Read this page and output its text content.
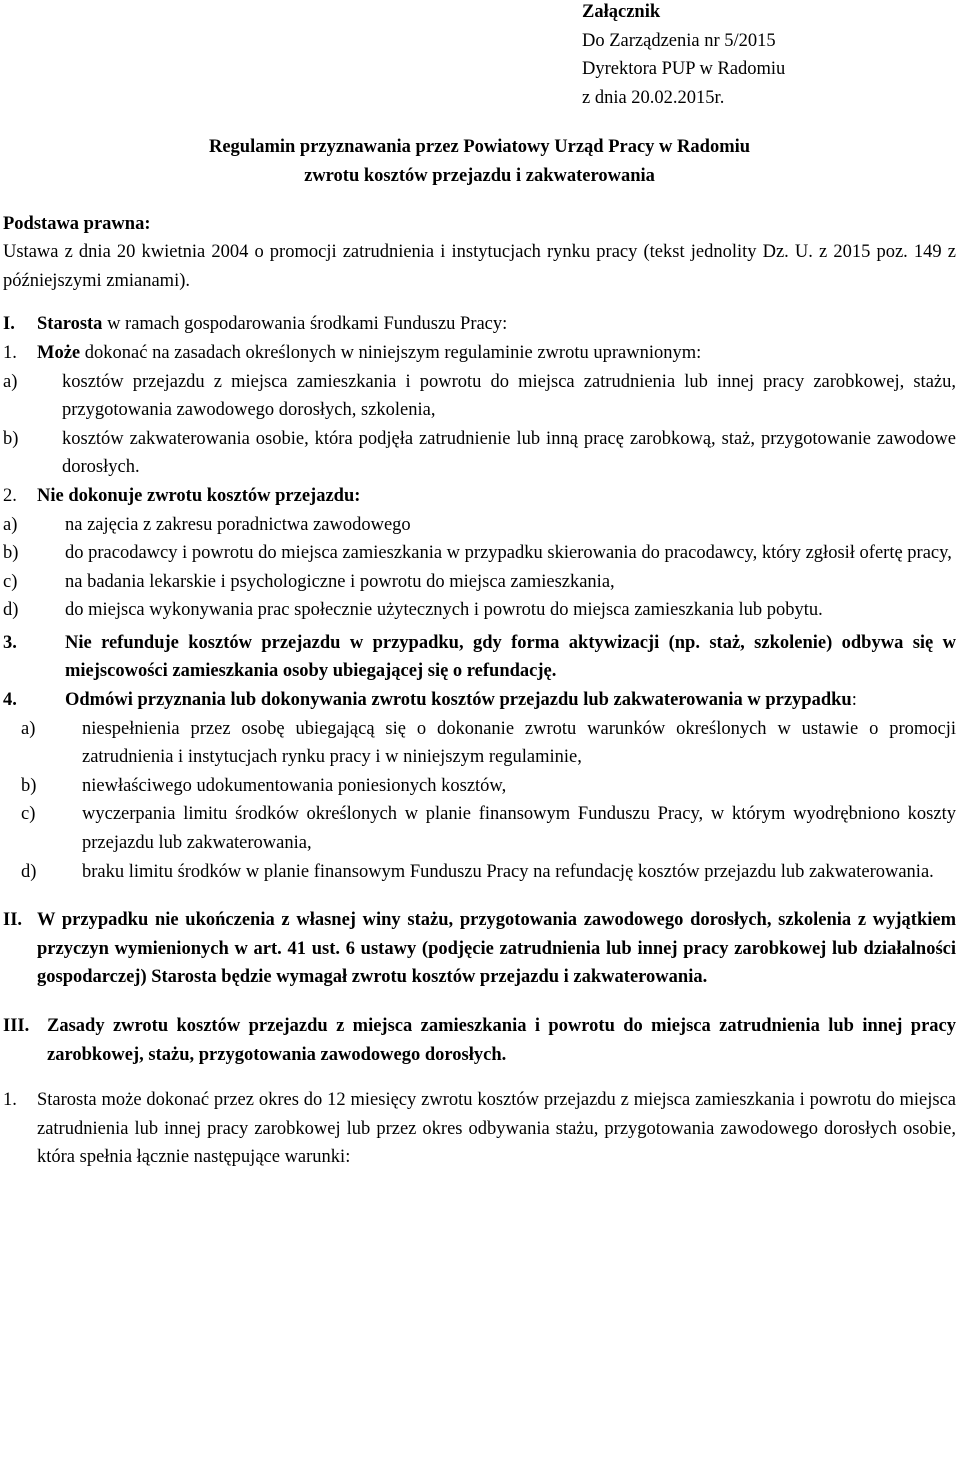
Załącznik
Do Zarządzenia nr 5/2015
Dyrektora PUP w Radomiu
z dnia 20.02.2015r.
Regulamin przyznawania przez Powiatowy Urząd Pracy w Radomiu
zwrotu kosztów przejazdu i zakwaterowania
Podstawa prawna:

Ustawa z dnia 20 kwietnia 2004 o promocji zatrudnienia i instytucjach rynku pracy (tekst jednolity Dz. U. z 2015 poz. 149 z późniejszymi zmianami).

I.	Starosta w ramach gospodarowania środkami Funduszu Pracy:
1.	Może dokonać na zasadach określonych w niniejszym regulaminie zwrotu uprawnionym:

a) kosztów przejazdu z miejsca zamieszkania i powrotu do miejsca zatrudnienia lub innej pracy zarobkowej, stażu, przygotowania zawodowego dorosłych, szkolenia,

b) kosztów zakwaterowania osobie, która podjęła zatrudnienie lub inną pracę zarobkową, staż, przygotowanie zawodowe dorosłych.

2.	Nie dokonuje zwrotu kosztów przejazdu:
a)	na zajęcia z zakresu poradnictwa zawodowego
b)	do pracodawcy i powrotu do miejsca zamieszkania w przypadku skierowania do pracodawcy, który zgłosił ofertę pracy,
c)	na badania lekarskie i psychologiczne i powrotu do miejsca zamieszkania,
d)	do miejsca wykonywania prac społecznie użytecznych i powrotu do miejsca zamieszkania lub pobytu.
3.	Nie refunduje kosztów przejazdu w przypadku, gdy forma aktywizacji (np. staż, szkolenie) odbywa się w miejscowości zamieszkania osoby ubiegającej się o refundację.

4.	Odmówi przyznania lub dokonywania zwrotu kosztów przejazdu lub zakwaterowania w przypadku:

a)	niespełnienia przez osobę ubiegającą się o dokonanie zwrotu warunków określonych w ustawie o promocji zatrudnienia i instytucjach rynku pracy i w niniejszym regulaminie,
b)	niewłaściwego udokumentowania poniesionych kosztów,
c)	wyczerpania limitu środków określonych w planie finansowym Funduszu Pracy, w którym wyodrębniono koszty przejazdu lub zakwaterowania,
d)	braku limitu środków w planie finansowym Funduszu Pracy na refundację kosztów przejazdu lub zakwaterowania.
II. W przypadku nie ukończenia z własnej winy stażu, przygotowania zawodowego dorosłych, szkolenia z wyjątkiem przyczyn wymienionych w art. 41 ust. 6 ustawy (podjęcie zatrudnienia lub innej pracy zarobkowej lub działalności gospodarczej) Starosta będzie wymagał zwrotu kosztów przejazdu i zakwaterowania.

III. Zasady zwrotu kosztów przejazdu z miejsca zamieszkania i powrotu do miejsca zatrudnienia lub innej pracy zarobkowej, stażu, przygotowania zawodowego dorosłych.

1.	Starosta może dokonać przez okres do 12 miesięcy zwrotu kosztów przejazdu z miejsca zamieszkania i powrotu do miejsca zatrudnienia lub innej pracy zarobkowej lub przez okres odbywania stażu, przygotowania zawodowego dorosłych osobie, która spełnia łącznie następujące warunki:
